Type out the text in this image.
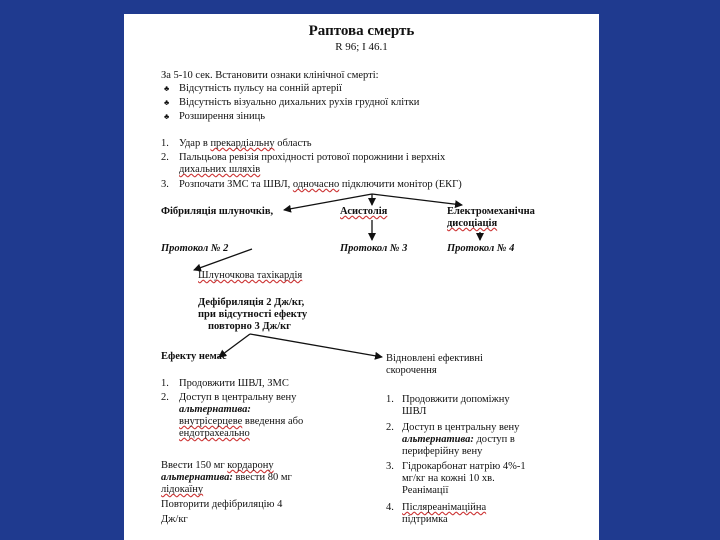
Раптова смерть
R 96; I 46.1
За 5-10 сек. Встановити ознаки клінічної смерті:
♣ Відсутність пульсу на сонній артерії
♣ Відсутність візуально дихальних рухів грудної клітки
♣ Розширення зіниць
1. Удар в прекардіальну область
2. Пальцьова ревізія прохідності ротової порожнини і верхніх
дихальних шляхів
3. Розпочати ЗМС та ШВЛ, одночасно підключити монітор (ЕКГ)
Фібриляція шлуночків,	Асистолія	Електромеханічна
дисоціація
Протокол № 2	Протокол № 3	Протокол № 4
Шлуночкова тахікардія
Дефібриляція 2 Дж/кг,
при відсутності ефекту
повторно 3 Дж/кг
Ефекту немає
1. Продовжити ШВЛ, ЗМС
2. Доступ в центральну вену
альтернатива:
внутрісерцеве введення або
ендотрахеально
Ввести 150 мг кордарону
альтернатива: ввести 80 мг
лідокаїну
Повторити дефібриляцію 4
Дж/кг
Відновлені ефективні
скорочення
1. Продовжити допоміжну
ШВЛ
2. Доступ в центральну вену
альтернатива: доступ в
периферійну вену
3. Гідрокарбонат натрію 4%-1
мг/кг на кожні 10 хв.
Реанімації
4. Післяреанімаційна
підтримка
